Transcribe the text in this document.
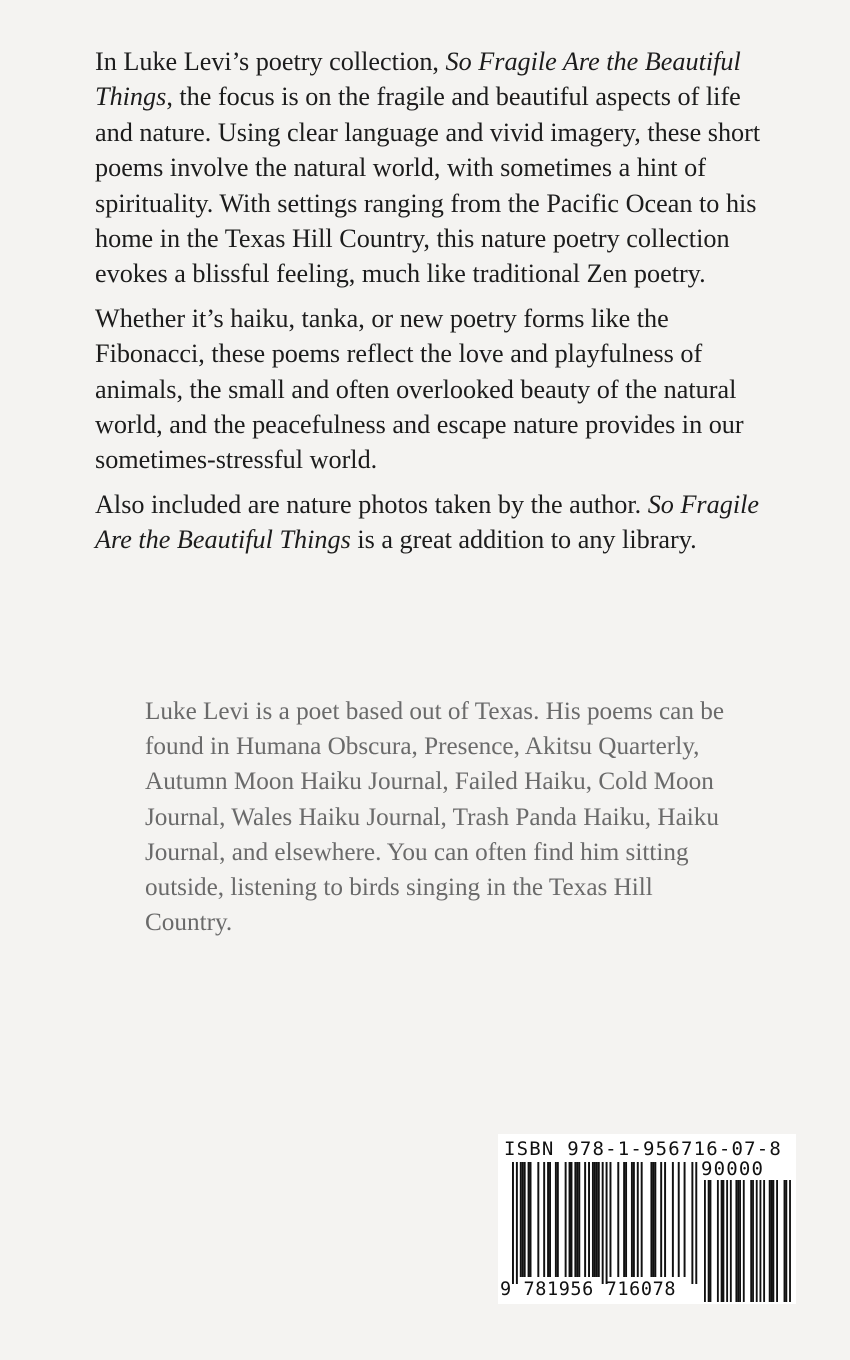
In Luke Levi’s poetry collection, So Fragile Are the Beautiful Things, the focus is on the fragile and beautiful aspects of life and nature. Using clear language and vivid imagery, these short poems involve the natural world, with sometimes a hint of spirituality. With settings ranging from the Pacific Ocean to his home in the Texas Hill Country, this nature poetry collection evokes a blissful feeling, much like traditional Zen poetry.

Whether it’s haiku, tanka, or new poetry forms like the Fibonacci, these poems reflect the love and playfulness of animals, the small and often overlooked beauty of the natural world, and the peacefulness and escape nature provides in our sometimes-stressful world.

Also included are nature photos taken by the author. So Fragile Are the Beautiful Things is a great addition to any library.

Luke Levi is a poet based out of Texas. His poems can be found in Humana Obscura, Presence, Akitsu Quarterly, Autumn Moon Haiku Journal, Failed Haiku, Cold Moon Journal, Wales Haiku Journal, Trash Panda Haiku, Haiku Journal, and elsewhere. You can often find him sitting outside, listening to birds singing in the Texas Hill Country.

ISBN 978-1-956716-07-8
90000
9 781956 716078
